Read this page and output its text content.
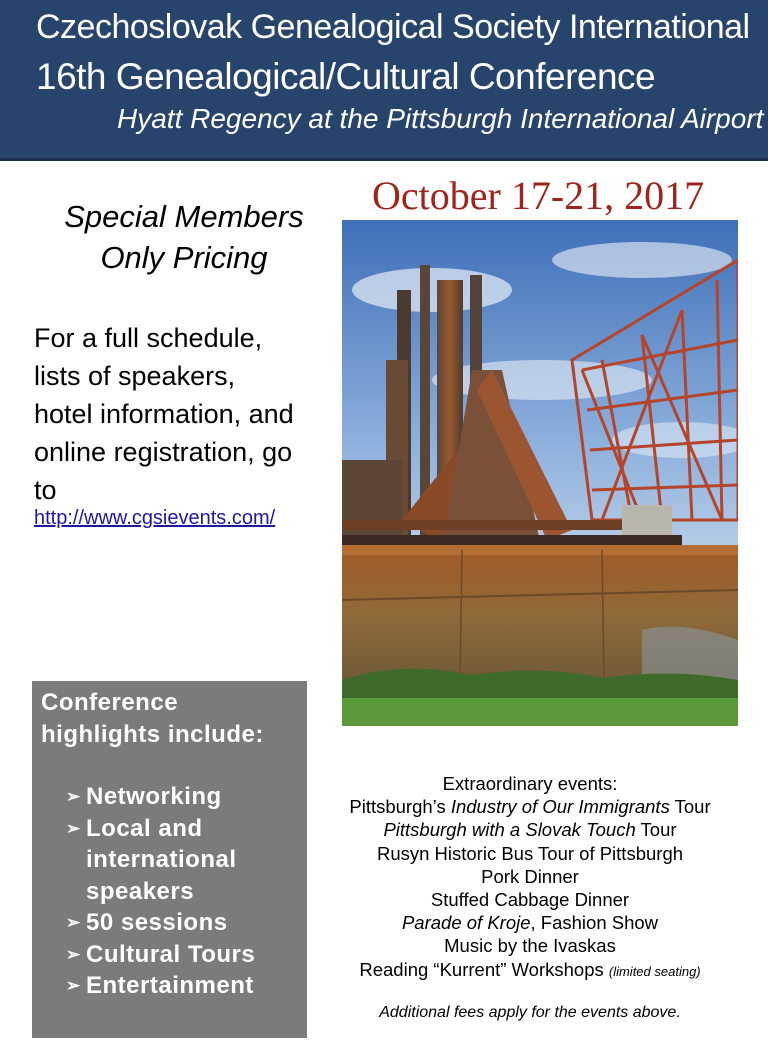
Czechoslovak Genealogical Society International
16th Genealogical/Cultural Conference
Hyatt Regency at the Pittsburgh International Airport
October 17-21, 2017
Special Members
Only Pricing
For a full schedule,
lists of speakers,
hotel information, and
online registration, go
to
http://www.cgsievents.com/
Conference
highlights include:
➢ Networking
➢ Local and
international
speakers
➢ 50 sessions
➢ Cultural Tours
➢ Entertainment
Extraordinary events:
Pittsburgh’s Industry of Our Immigrants Tour
Pittsburgh with a Slovak Touch Tour
Rusyn Historic Bus Tour of Pittsburgh
Pork Dinner
Stuffed Cabbage Dinner
Parade of Kroje, Fashion Show
Music by the Ivaskas
Reading “Kurrent” Workshops (limited seating)
Additional fees apply for the events above.
